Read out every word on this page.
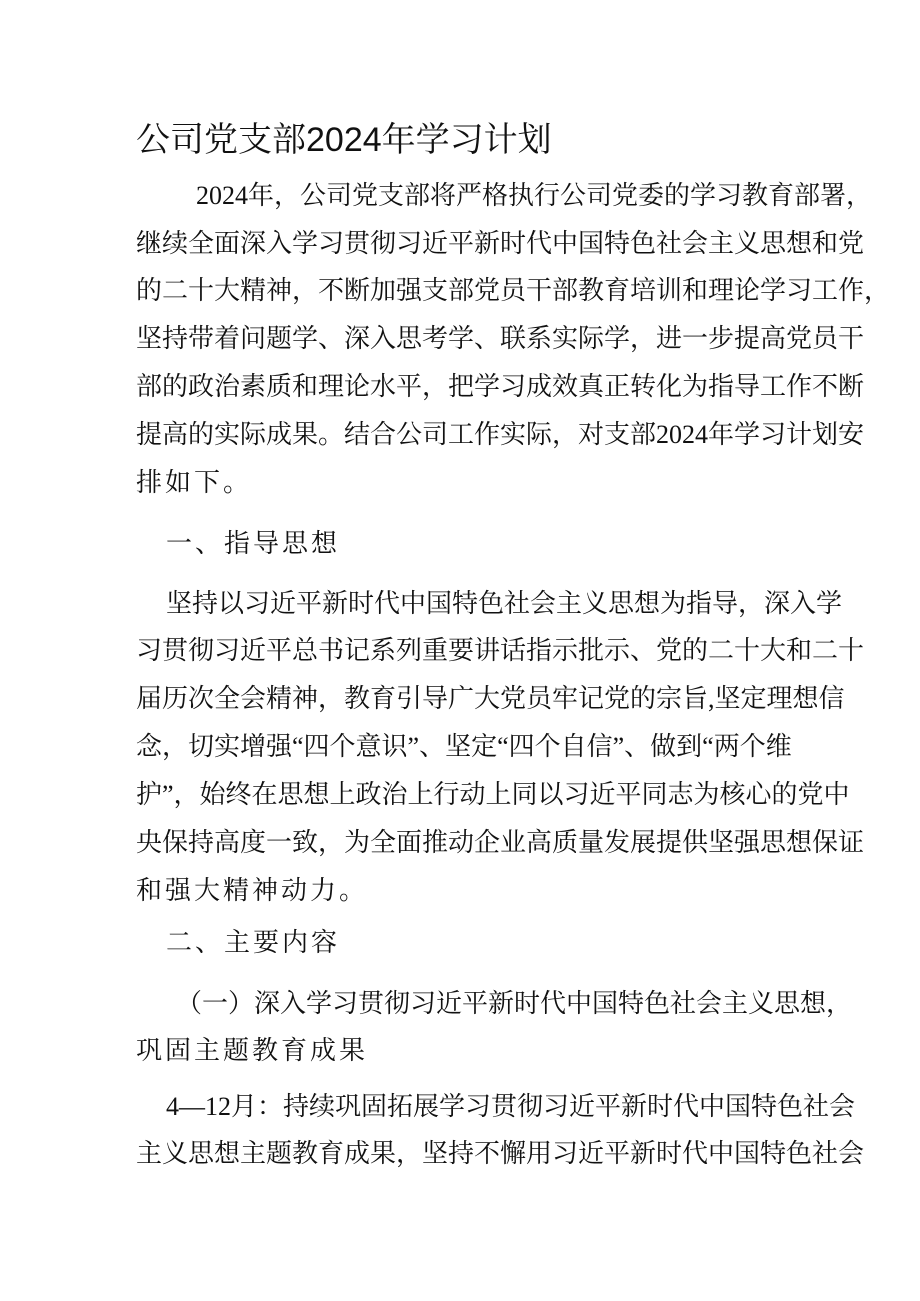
公司党支部2024年学习计划
2024年，公司党支部将严格执行公司党委的学习教育部署，
继续全面深入学习贯彻习近平新时代中国特色社会主义思想和党
的二十大精神，不断加强支部党员干部教育培训和理论学习工作，
坚持带着问题学、深入思考学、联系实际学，进一步提高党员干
部的政治素质和理论水平，把学习成效真正转化为指导工作不断
提高的实际成果。结合公司工作实际，对支部2024年学习计划安
排如下。
一、指导思想
坚持以习近平新时代中国特色社会主义思想为指导，深入学
习贯彻习近平总书记系列重要讲话指示批示、党的二十大和二十
届历次全会精神，教育引导广大党员牢记党的宗旨,坚定理想信
念，切实增强“四个意识”、坚定“四个自信”、做到“两个维
护”，始终在思想上政治上行动上同以习近平同志为核心的党中
央保持高度一致，为全面推动企业高质量发展提供坚强思想保证
和强大精神动力。
二、主要内容
（一）深入学习贯彻习近平新时代中国特色社会主义思想，
巩固主题教育成果
4—12月：持续巩固拓展学习贯彻习近平新时代中国特色社会
主义思想主题教育成果，坚持不懈用习近平新时代中国特色社会
